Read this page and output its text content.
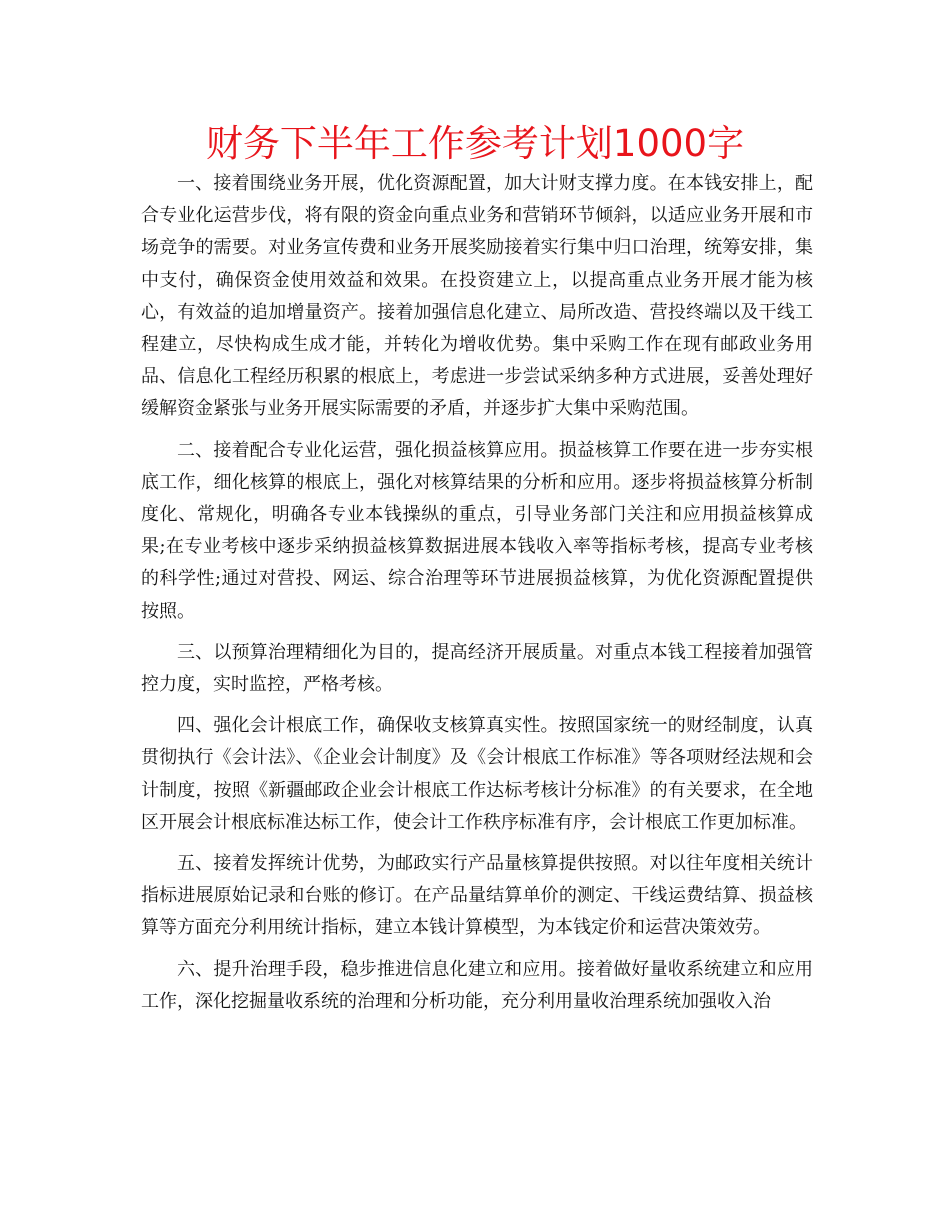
财务下半年工作参考计划1000字

一、接着围绕业务开展，优化资源配置，加大计财支撑力度。在本钱安排上，配合专业化运营步伐，将有限的资金向重点业务和营销环节倾斜，以适应业务开展和市场竞争的需要。对业务宣传费和业务开展奖励接着实行集中归口治理，统筹安排，集中支付，确保资金使用效益和效果。在投资建立上，以提高重点业务开展才能为核心，有效益的追加增量资产。接着加强信息化建立、局所改造、营投终端以及干线工程建立，尽快构成生成才能，并转化为增收优势。集中采购工作在现有邮政业务用品、信息化工程经历积累的根底上，考虑进一步尝试采纳多种方式进展，妥善处理好缓解资金紧张与业务开展实际需要的矛盾，并逐步扩大集中采购范围。

二、接着配合专业化运营，强化损益核算应用。损益核算工作要在进一步夯实根底工作，细化核算的根底上，强化对核算结果的分析和应用。逐步将损益核算分析制度化、常规化，明确各专业本钱操纵的重点，引导业务部门关注和应用损益核算成果;在专业考核中逐步采纳损益核算数据进展本钱收入率等指标考核，提高专业考核的科学性;通过对营投、网运、综合治理等环节进展损益核算，为优化资源配置提供按照。

三、以预算治理精细化为目的，提高经济开展质量。对重点本钱工程接着加强管控力度，实时监控，严格考核。

四、强化会计根底工作，确保收支核算真实性。按照国家统一的财经制度，认真贯彻执行《会计法》、《企业会计制度》及《会计根底工作标准》等各项财经法规和会计制度，按照《新疆邮政企业会计根底工作达标考核计分标准》的有关要求，在全地区开展会计根底标准达标工作，使会计工作秩序标准有序，会计根底工作更加标准。

五、接着发挥统计优势，为邮政实行产品量核算提供按照。对以往年度相关统计指标进展原始记录和台账的修订。在产品量结算单价的测定、干线运费结算、损益核算等方面充分利用统计指标，建立本钱计算模型，为本钱定价和运营决策效劳。

六、提升治理手段，稳步推进信息化建立和应用。接着做好量收系统建立和应用工作，深化挖掘量收系统的治理和分析功能，充分利用量收治理系统加强收入治
